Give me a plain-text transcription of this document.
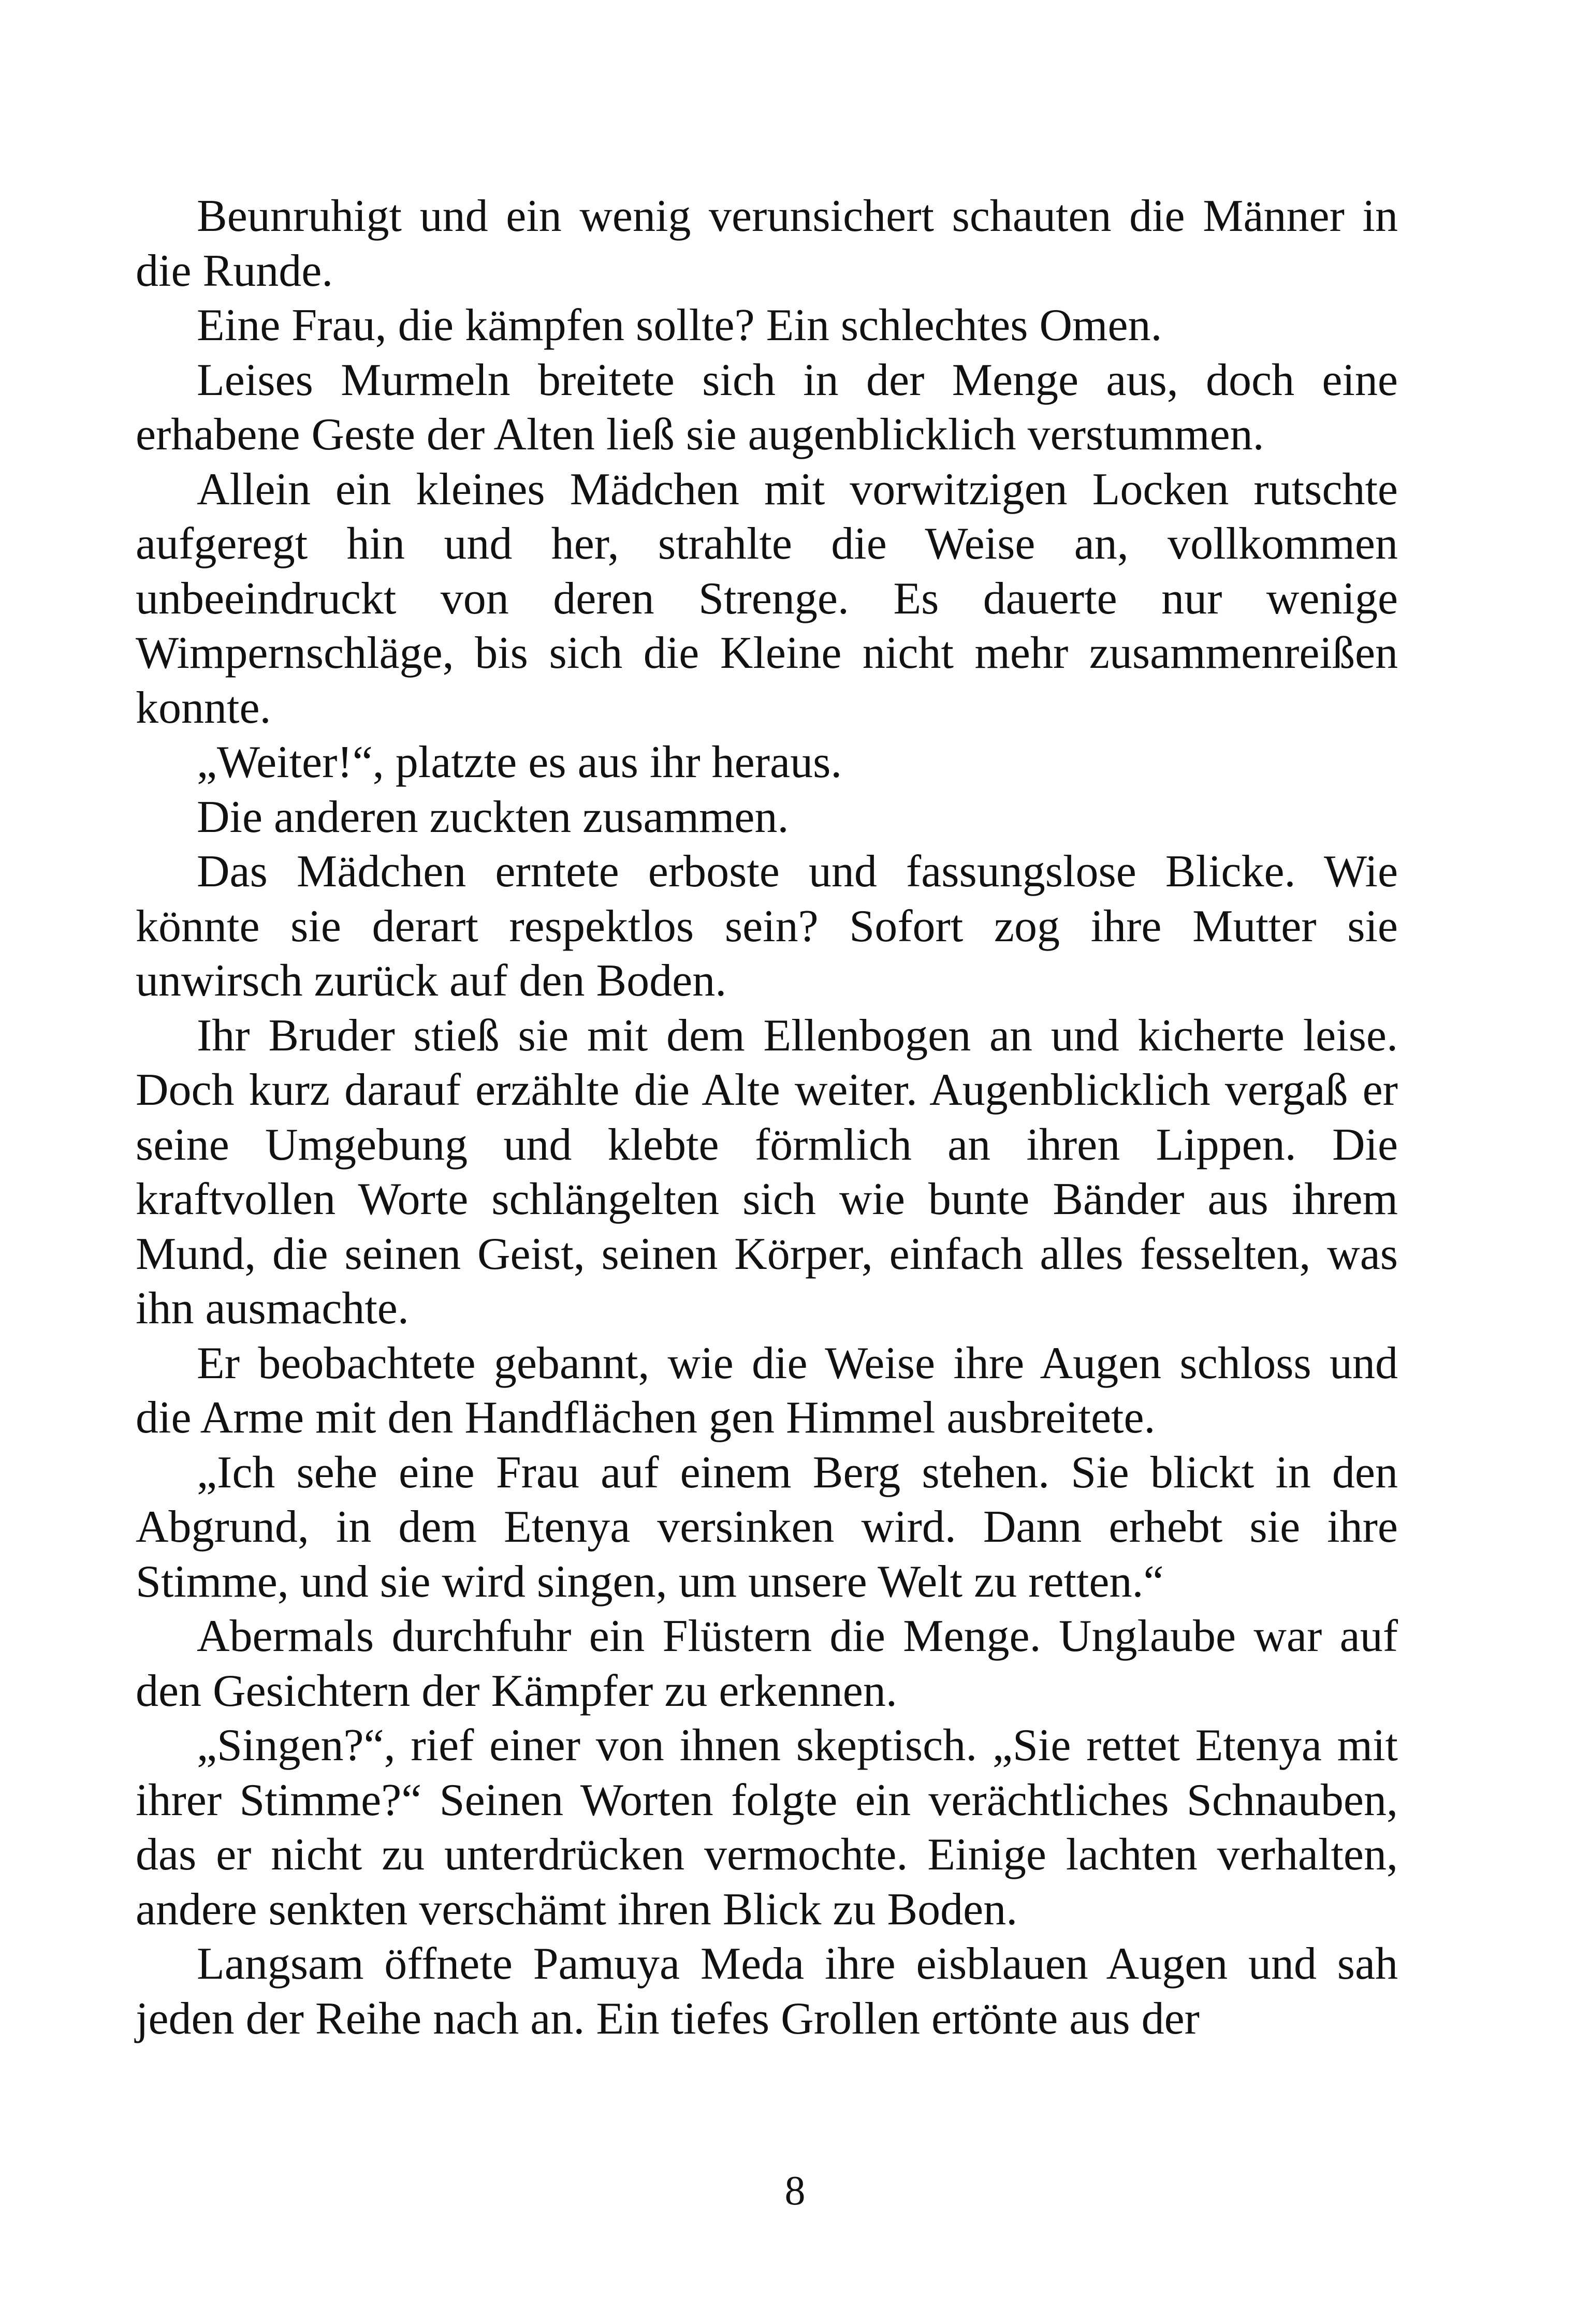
Beunruhigt und ein wenig verunsichert schauten die Männer in die Runde.

Eine Frau, die kämpfen sollte? Ein schlechtes Omen.

Leises Murmeln breitete sich in der Menge aus, doch eine erhabene Geste der Alten ließ sie augenblicklich verstummen.

Allein ein kleines Mädchen mit vorwitzigen Locken rutschte aufgeregt hin und her, strahlte die Weise an, vollkommen unbeeindruckt von deren Strenge. Es dauerte nur wenige Wimpernschläge, bis sich die Kleine nicht mehr zusammenreißen konnte.

„Weiter!“, platzte es aus ihr heraus.

Die anderen zuckten zusammen.

Das Mädchen erntete erboste und fassungslose Blicke. Wie könnte sie derart respektlos sein? Sofort zog ihre Mutter sie unwirsch zurück auf den Boden.

Ihr Bruder stieß sie mit dem Ellenbogen an und kicherte leise. Doch kurz darauf erzählte die Alte weiter. Augenblicklich vergaß er seine Umgebung und klebte förmlich an ihren Lippen. Die kraftvollen Worte schlängelten sich wie bunte Bänder aus ihrem Mund, die seinen Geist, seinen Körper, einfach alles fesselten, was ihn ausmachte.

Er beobachtete gebannt, wie die Weise ihre Augen schloss und die Arme mit den Handflächen gen Himmel ausbreitete.

„Ich sehe eine Frau auf einem Berg stehen. Sie blickt in den Abgrund, in dem Etenya versinken wird. Dann erhebt sie ihre Stimme, und sie wird singen, um unsere Welt zu retten.“

Abermals durchfuhr ein Flüstern die Menge. Unglaube war auf den Gesichtern der Kämpfer zu erkennen.

„Singen?“, rief einer von ihnen skeptisch. „Sie rettet Etenya mit ihrer Stimme?“ Seinen Worten folgte ein verächtliches Schnauben, das er nicht zu unterdrücken vermochte. Einige lachten verhalten, andere senkten verschämt ihren Blick zu Boden.

Langsam öffnete Pamuya Meda ihre eisblauen Augen und sah jeden der Reihe nach an. Ein tiefes Grollen ertönte aus der

8
